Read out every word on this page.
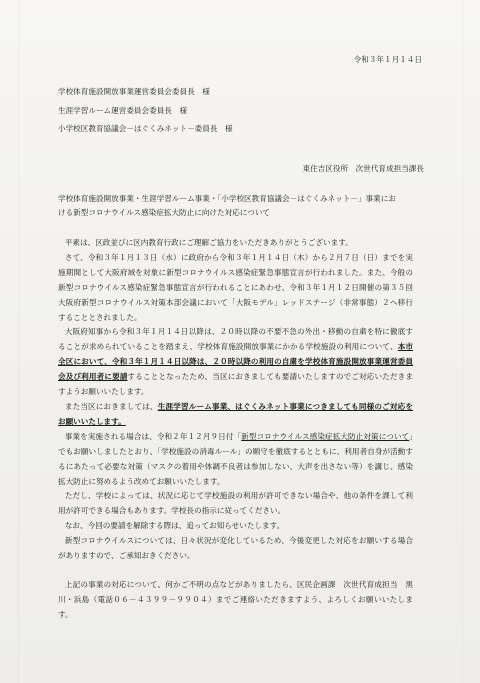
令和３年１月１４日
学校体育施設開放事業運営委員会委員長　様
生涯学習ルーム運営委員会委員長　様
小学校区教育協議会－はぐくみネット－委員長　様
東住吉区役所　次世代育成担当課長
学校体育施設開放事業・生涯学習ルーム事業・「小学校区教育協議会－はぐくみネット－」事業における新型コロナウイルス感染症拡大防止に向けた対応について

平素は、区政並びに区内教育行政にご理解ご協力をいただきありがとうございます。

さて、令和３年１月１３日（水）に政府から令和３年１月１４日（木）から２月７日（日）までを実施期間として大阪府域を対象に新型コロナウイルス感染症緊急事態宣言が行われました。また、今般の新型コロナウイルス感染症緊急事態宣言が行われることにあわせ、令和３年１月１２日開催の第３５回大阪府新型コロナウイルス対策本部会議において「大阪モデル」レッドステージ（非常事態）２へ移行することとされました。

大阪府知事から令和３年１月１４日以降は、２０時以降の不要不急の外出・移動の自粛を特に徹底することが求められていることを踏まえ、学校体育施設開放事業にかかる学校施設の利用について、本市全区において、令和３年１月１４日以降は、２０時以降の利用の自粛を学校体育施設開放事業運営委員会及び利用者に要請することとなったため、当区におきましても要請いたしますのでご対応いただきますようお願いいたします。

また当区におきましては、生涯学習ルーム事業、はぐくみネット事業につきましても同様のご対応をお願いいたします。

事業を実施される場合は、令和２年１２月９日付「新型コロナウイルス感染症拡大防止対策について」でもお願いしましたとおり、「学校施設の消毒ルール」の順守を徹底するとともに、利用者自身が活動するにあたって必要な対策（マスクの着用や体調不良者は参加しない、大声を出さない等）を講じ、感染拡大防止に努めるよう改めてお願いいたします。

ただし、学校によっては、状況に応じて学校施設の利用が許可できない場合や、他の条件を課して利用が許可できる場合もあります。学校長の指示に従ってください。

なお、今回の要請を解除する際は、追ってお知らせいたします。

新型コロナウイルスについては、日々状況が変化しているため、今後変更した対応をお願いする場合がありますので、ご承知おきください。

上記の事業の対応について、何かご不明の点などがありましたら、区民企画課　次世代育成担当　黒川・浜島（電話０６－４３９９－９９０４）までご連絡いただきますよう、よろしくお願いいたします。
